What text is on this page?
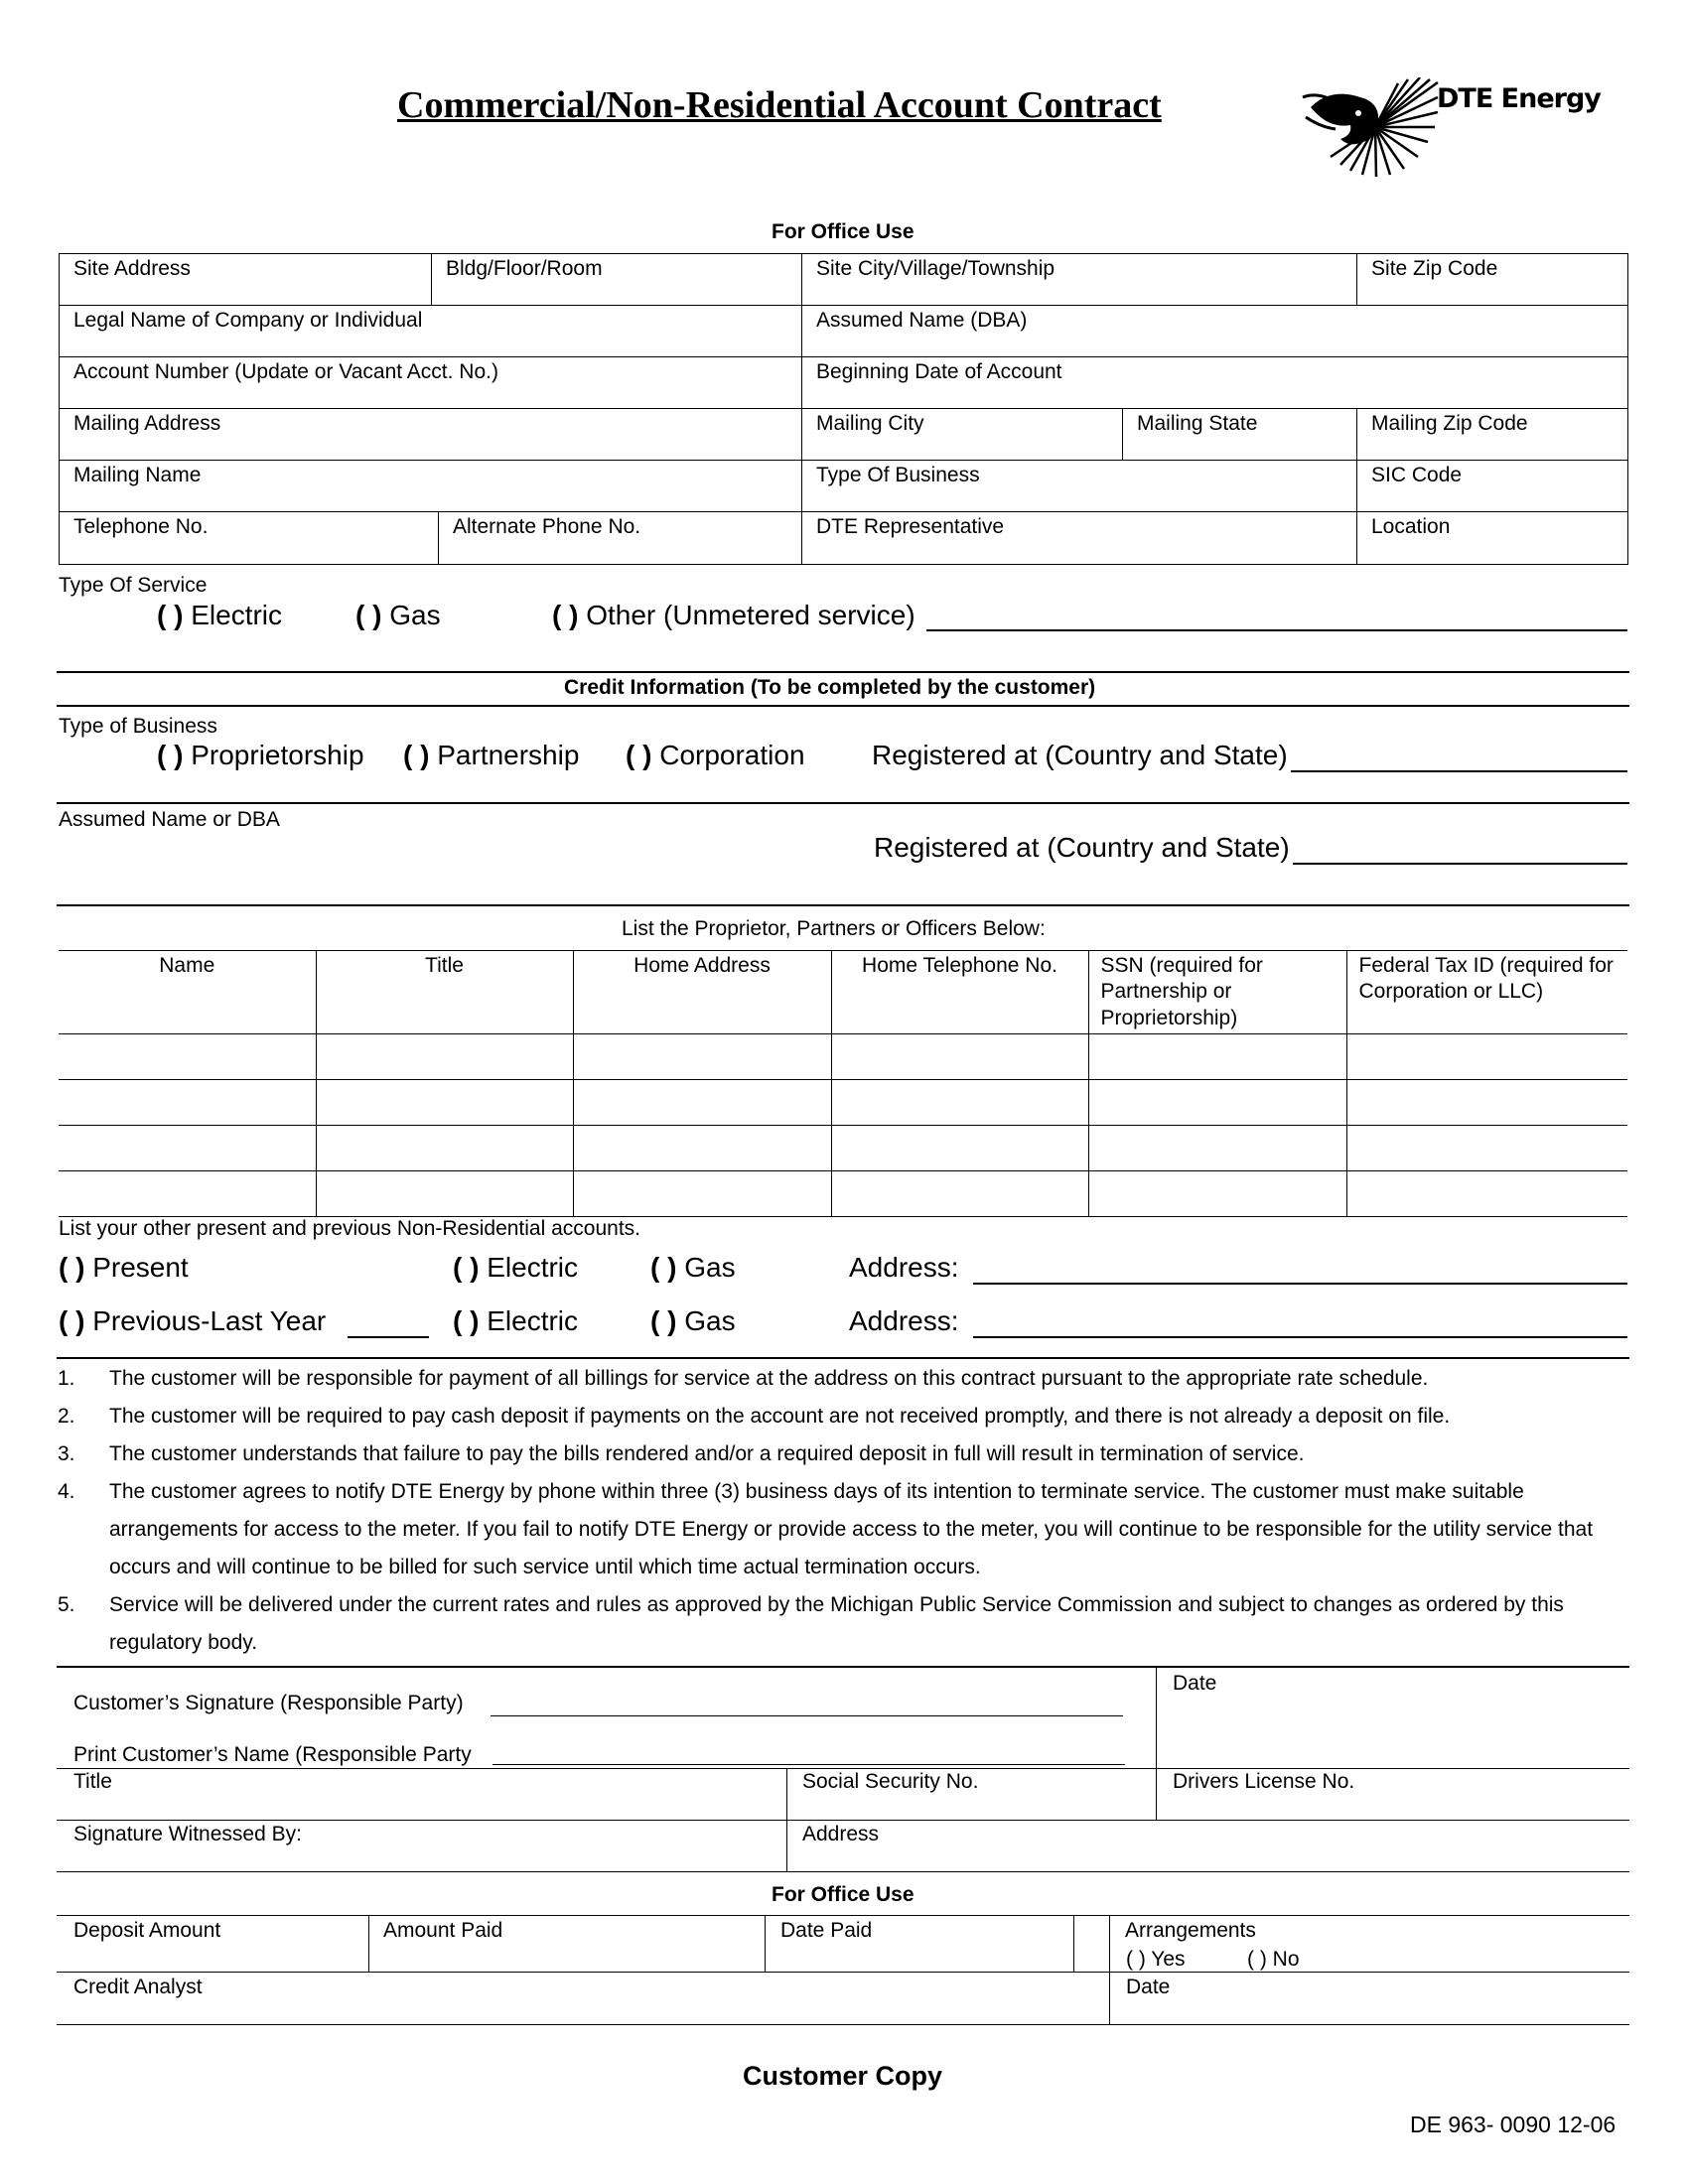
Commercial/Non-Residential Account Contract	DTE Energy
For Office Use
Site Address	Bldg/Floor/Room	Site City/Village/Township		Site Zip Code
Legal Name of Company or Individual		Assumed Name (DBA)		
Account Number (Update or Vacant Acct. No.)		Beginning Date of Account		
Mailing Address		Mailing City	Mailing State	Mailing Zip Code
Mailing Name		Type Of Business		SIC Code
Telephone No.	Alternate Phone No.	DTE Representative	Location
Type Of Service
( ) Electric	( ) Gas	( ) Other (Unmetered service)
Credit Information (To be completed by the customer)
Type of Business
( ) Proprietorship ( ) Partnership ( ) Corporation Registered at (Country and State)
Assumed Name or DBA
Registered at (Country and State)
List the Proprietor, Partners or Officers Below:
Name	Title	Home Address	Home Telephone No.	SSN (required for Partnership or Proprietorship)	Federal Tax ID (required for Corporation or LLC)

List your other present and previous Non-Residential accounts.
( ) Present	( ) Electric	( ) Gas	Address:
( ) Previous-Last Year	( ) Electric	( ) Gas	Address:
1. The customer will be responsible for payment of all billings for service at the address on this contract pursuant to the appropriate rate schedule.
2. The customer will be required to pay cash deposit if payments on the account are not received promptly, and there is not already a deposit on file.
3. The customer understands that failure to pay the bills rendered and/or a required deposit in full will result in termination of service.
4. The customer agrees to notify DTE Energy by phone within three (3) business days of its intention to terminate service. The customer must make suitable arrangements for access to the meter. If you fail to notify DTE Energy or provide access to the meter, you will continue to be responsible for the utility service that occurs and will continue to be billed for such service until which time actual termination occurs.
5. Service will be delivered under the current rates and rules as approved by the Michigan Public Service Commission and subject to changes as ordered by this regulatory body.
Customer’s Signature (Responsible Party)
Date
Print Customer’s Name (Responsible Party
Title	Social Security No.	Drivers License No.
Signature Witnessed By:	Address
For Office Use
Deposit Amount	Amount Paid	Date Paid	Arrangements
( ) Yes	( ) No
Credit Analyst	Date
Customer Copy
DE 963- 0090 12-06
